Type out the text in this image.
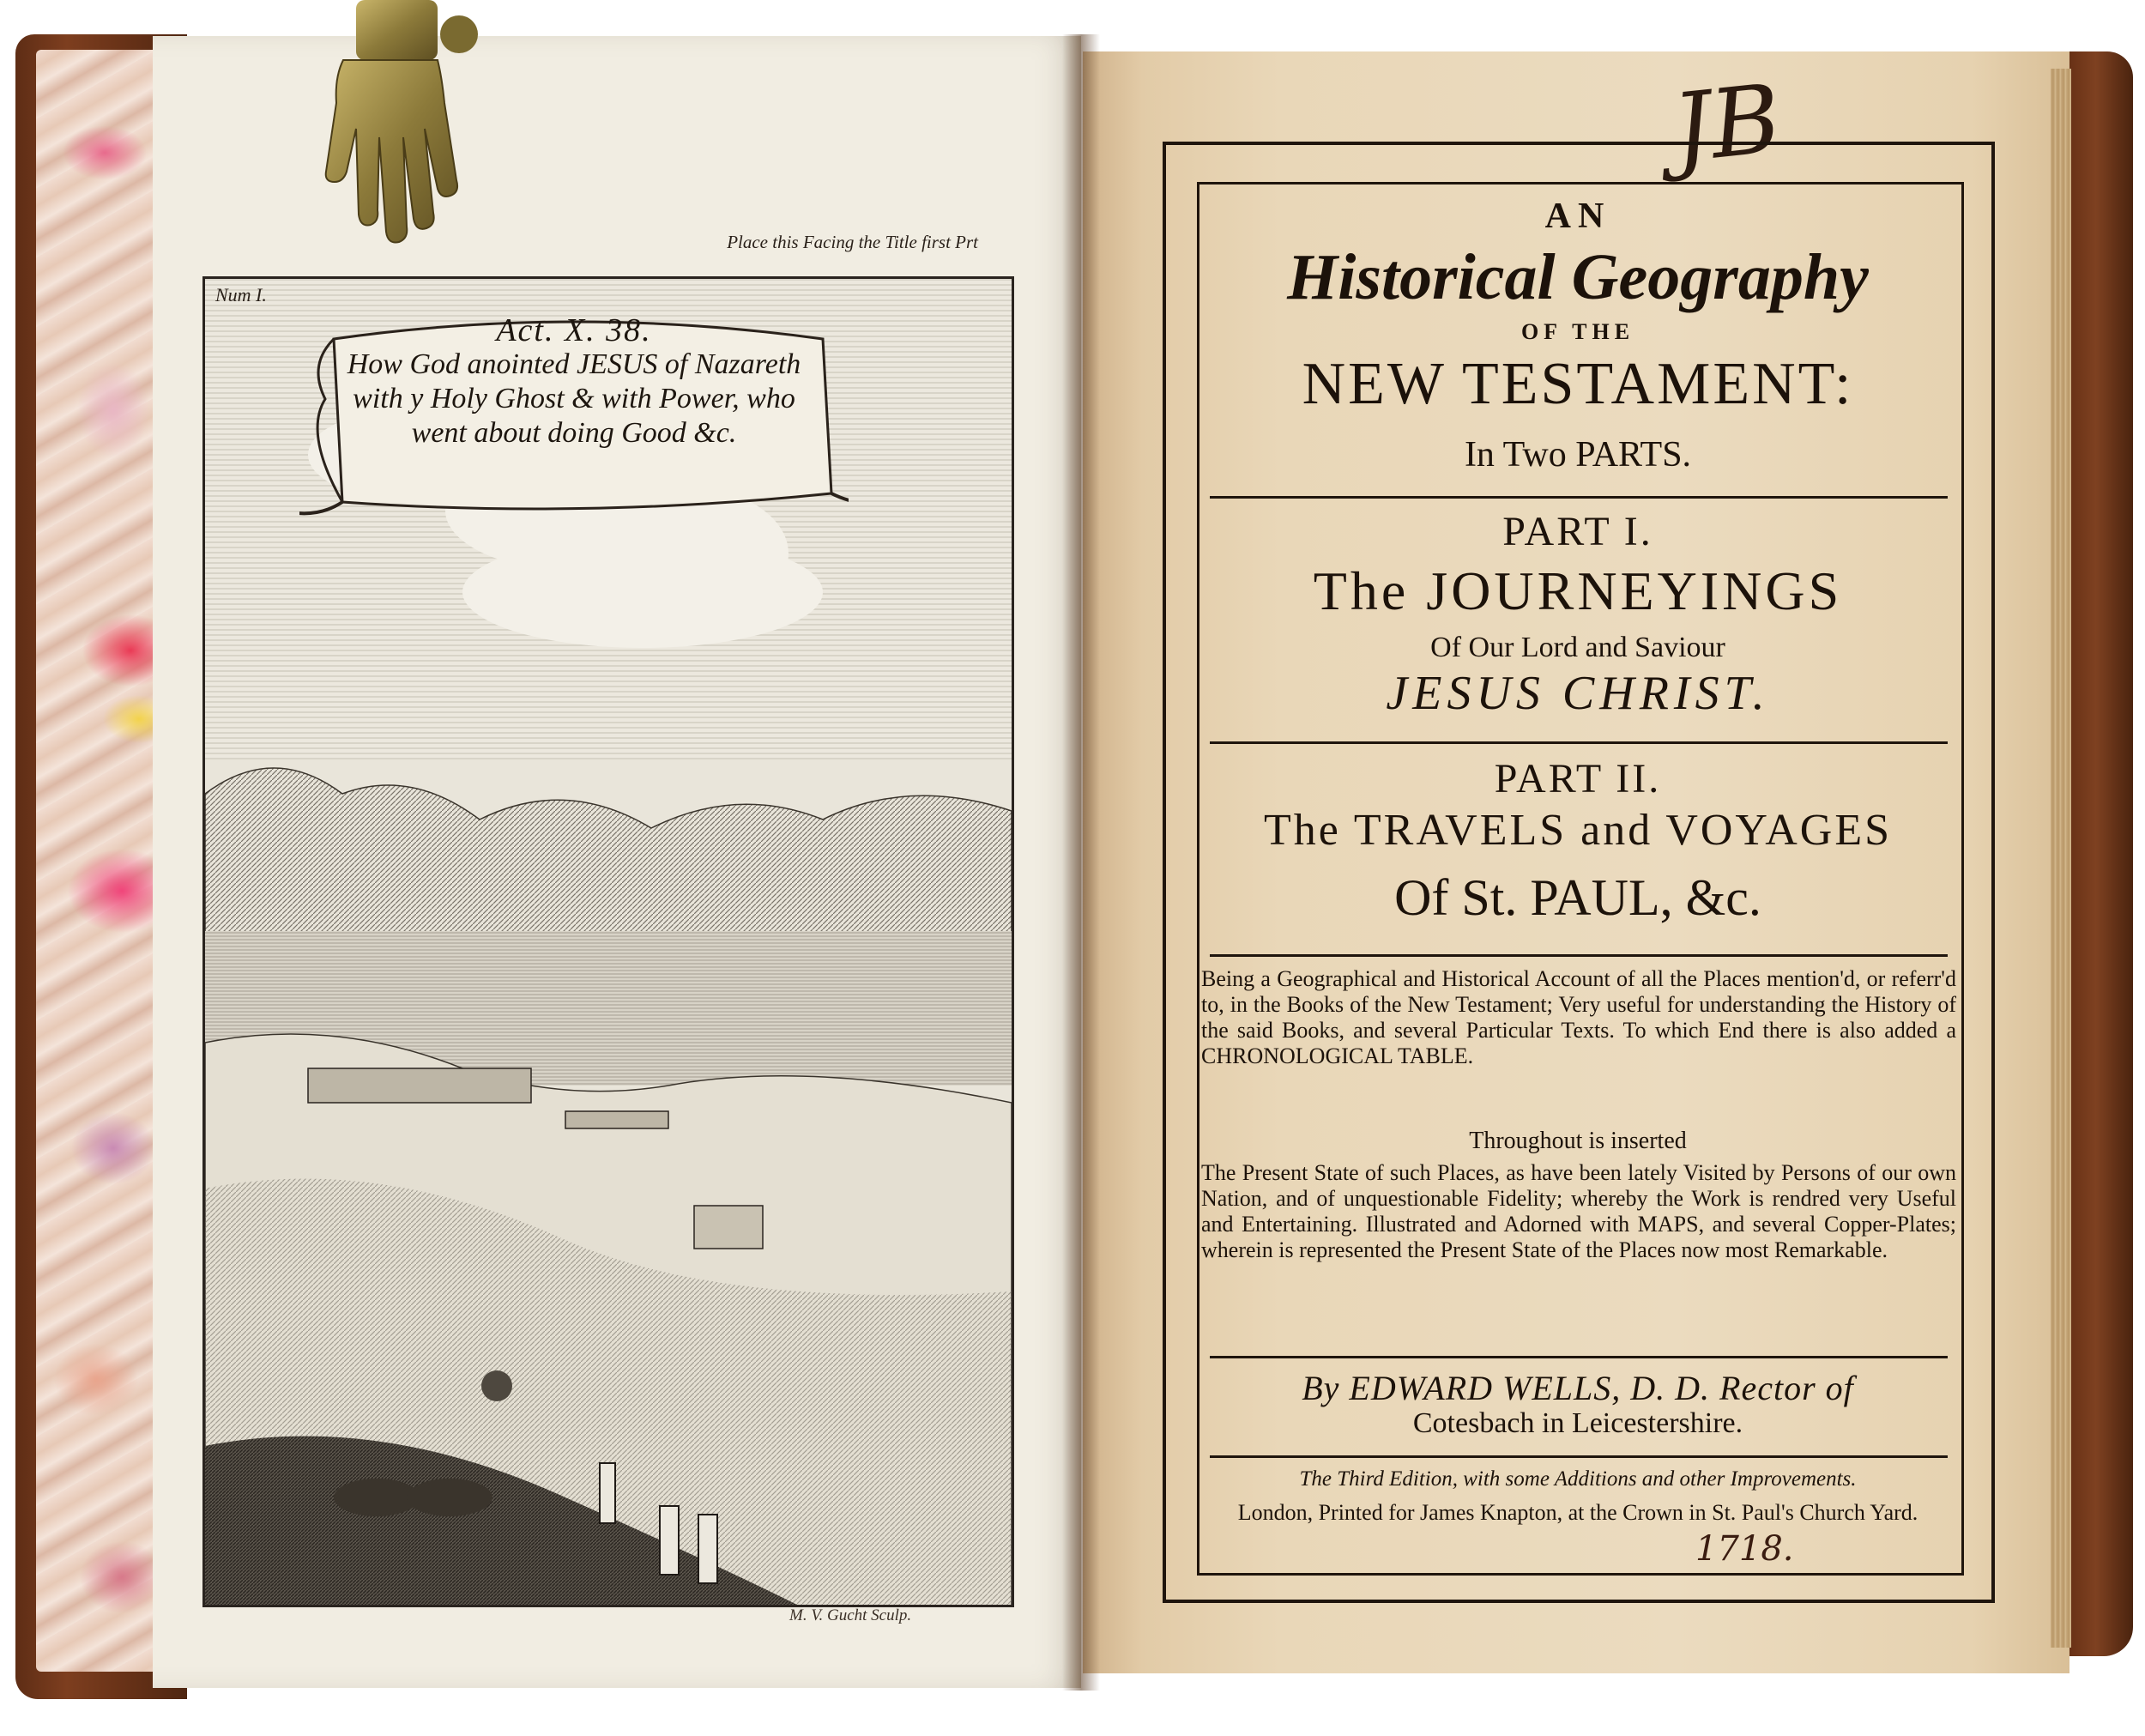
Place this Facing the Title first Prt
Num I.
Act. X. 38.
How God anointed JESUS of Nazareth
with y Holy Ghost & with Power, who
went about doing Good &c.
M. V. Gucht Sculp.
JB
AN
Historical Geography
OF THE
NEW TESTAMENT:
In Two PARTS.
PART I.
The JOURNEYINGS
Of Our Lord and Saviour
JESUS CHRIST.
PART II.
The TRAVELS and VOYAGES
Of St. PAUL, &c.
Being a Geographical and Historical Account of all the Places mention'd, or referr'd to, in the Books of the New Testament; Very useful for understanding the History of the said Books, and several Particular Texts. To which End there is also added a CHRONOLOGICAL TABLE.
Throughout is inserted
The Present State of such Places, as have been lately Visited by Persons of our own Nation, and of unquestionable Fidelity; whereby the Work is rendred very Useful and Entertaining. Illustrated and Adorned with MAPS, and several Copper-Plates; wherein is represented the Present State of the Places now most Remarkable.
By EDWARD WELLS, D. D. Rector of
Cotesbach in Leicestershire.
The Third Edition, with some Additions and other Improvements.
London, Printed for James Knapton, at the Crown in St. Paul's Church Yard.
1718.
